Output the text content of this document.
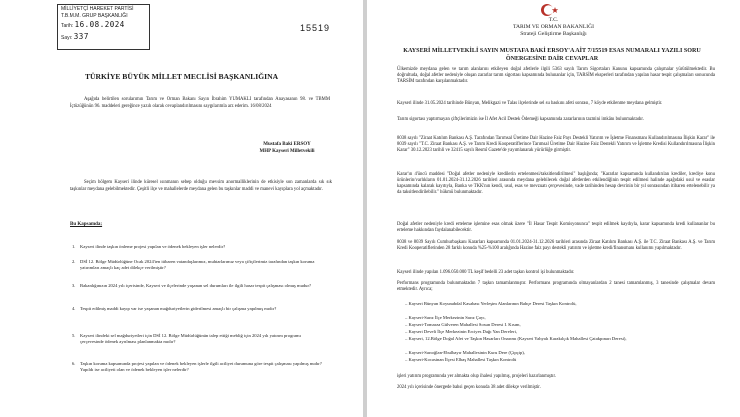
MİLLİYETÇİ HAREKET PARTİSİ
T.B.M.M. GRUP BAŞKANLIĞI
Tarih: 16.08.2024
Sayı: 337
15519
TÜRKİYE BÜYÜK MİLLET MECLİSİ BAŞKANLIĞINA
Aşağıda belirtilen sorularımın Tarım ve Orman Bakanı Sayın İbrahim YUMAKLI tarafından Anayasanın 98. ve TBMM İçtüzüğünün 96. maddeleri gereğince yazılı olarak cevaplandırılmasını saygılarımla arz ederim. 16/08/2024
Mustafa Baki ERSOY
MHP Kayseri Milletvekili
Seçim bölgem Kayseri ilinde küresel ısınmanın sebep olduğu mevsim anormalliklerinin de etkisiyle son zamanlarda sık sık taşkınlar meydana gelebilmektedir. Çeşitli ilçe ve mahallelerde meydana gelen bu taşkınlar maddi ve manevi kayıplara yol açmaktadır.
Bu Kapsamda;
1. Kayseri ilinde taşkın önleme projesi yapılan ve ödenek bekleyen işler nelerdir?
2. DSİ 12. Bölge Müdürlüğüne Ocak 2024'ten itibaren vatandaşlarımız, muhtarlarımız veya çiftçilerimiz tarafından taşkın koruma yatırımları amaçlı kaç adet dilekçe verilmiştir?
3. Bakanlığınızın 2024 yılı içerisinde, Kayseri ve ilçelerinde yaşanan sel durumları ile ilgili hasar tespit çalışması olmuş mudur?
4. Tespit edilmiş maddi kayıp var ise yaşanan mağduriyetlerin giderilmesi amaçlı bir çalışma yapılmış mıdır?
5. Kayseri ilindeki sel mağduriyetleri için DSİ 12. Bölge Müdürlüğünün talep ettiği mebliğ için 2024 yılı yatırım programı çerçevesinde ödenek ayrılması planlanmakta mıdır?
6. Taşkın koruma kapsamında projesi yapılan ve ödenek bekleyen işlerle ilgili aciliyet durumuna göre tespit çalışması yapılmış mıdır? Yapıldı ise aciliyeti olan ve ödenek bekleyen işler nelerdir?
T.C.
TARIM VE ORMAN BAKANLIĞI
Strateji Geliştirme Başkanlığı
KAYSERİ MİLLETVEKİLİ SAYIN MUSTAFA BAKİ ERSOY'A AİT 7/15519 ESAS NUMARALI YAZILI SORU ÖNERGESİNE DAİR CEVAPLAR
Ülkemizde meydana gelen ve tarım alanlarını etkileyen doğal afetlerle ilgili 5363 sayılı Tarım Sigortaları Kanunu kapsamında çalışmalar yürütülmektedir. Bu doğrultuda, doğal afetler nedeniyle oluşan zararlar tarım sigortası kapsamında bulunanlar için, TARSİM eksperleri tarafından yapılan hasar tespit çalışmaları sonucunda TARSİM tarafından karşılanmaktadır.
Kayseri ilinde 31.05.2024 tarihinde Bünyan, Melikgazi ve Talas ilçelerinde sel su baskını afeti sonrası, 7 köyde etkilenme meydana gelmiştir.
Tarım sigortası yaptırmayan çiftçilerimizin ise İl Afet Acil Destek Ödemeği kapsamında zararlarının tazmini imkânı bulunmaktadır.
8038 sayılı "Ziraat Katılım Bankası A.Ş. Tarafından Tarımsal Üretime Dair Hazine Faiz Payı Destekli Yatırım ve İşletme Finansmanı Kullandırılmasına İlişkin Karar" ile 8039 sayılı "T.C. Ziraat Bankası A.Ş. ve Tarım Kredi Kooperatiflerince Tarımsal Üretime Dair Hazine Faiz Destekli Yatırım ve İşletme Kredisi Kullandırılmasına İlişkin Karar" 30.12.2023 tarihli ve 32415 sayılı Resmî Gazete'de yayımlanarak yürürlüğe girmiştir.
Karar'ın 4'üncü maddesi "Doğal afetler nedeniyle kredilerin ertelenmesi/taksitlendirilmesi" başlığında; "Kararlar kapsamında kullandırılan krediler, krediye konu ürünlerin/varlıkların 01.01.2024-31.12.2026 tarihleri arasında meydana gelebilecek doğal afetlerden etkilendiğinin tespit edilmesi halinde aşağıdaki usul ve esaslar kapsamında kalarak kayıtıyla, Banka ve TKK'nın kendi, usul, esas ve mevzuatı çerçevesinde, vade tarihinden hesap devrinin bir yıl sonrasından itibaren ertelenebilir ya da taksitlendirilebilir." hükmü bulunmaktadır.
Doğal afetler nedeniyle kredi erteleme işlemine esas olmak üzere "İl Hasar Tespit Komisyonunca" tespit edilmek kaydıyla, karar kapsamında kredi kullananlar bu erteleme hakkından faydalanabilecektir.
8038 ve 8039 Sayılı Cumhurbaşkanı Kararları kapsamında 01.01.2024-31.12.2026 tarihleri arasında Ziraat Katılım Bankası A.Ş. ile T.C. Ziraat Bankası A.Ş. ve Tarım Kredi Kooperatiflerinden 28 farklı konuda %25-%100 aralığında Hazine faiz payı destekli yatırım ve işletme kredi/finansmanı kullanımı yapılmaktadır.
Kayseri ilinde yapılan 1.096.050.000 TL keşif bedelli 23 adet taşkın kontrol işi bulunmaktadır.
Performans programında bulunmaktadın 7 taşkın tamamlanmıştır. Performans programında olmayanlardan 2 tanesi tamamlanmış, 3 tanesinde çalışmalar devam etmektedir. Ayrıca;
– Kayseri Bünyan Koyunabdal Kasabası Yerleşim Alanlarının Bahçe Deresi Taşkın Kontrolü,
– Kayseri-Sarız İlçe Merkezinin Sarız Çayı,
– Kayseri-Tomarza Gülveren Mahallesi Sosun Deresi I. Kısım,
– Kayseri Develi İlçe Merkezinin Erciyes Dağı Yan Dereleri,
– Kayseri, 12.Bölge Doğal Afet ve Taşkın Hasarları Onarımı (Kayseri Yahyalı Karakılçık Mahallesi Çatakpınarı Deresi),
– Kayseri-Sarıoğlan-Ebulbayır Mahallesinin Kuru Dere (Çipçip),
– Kayseri-Kocasinan İlçesi Elbaş Mahallesi Taşkın Kontrolü
işleri yatırım programında yer almakta olup ihalesi yapılmış, projeleri hazırlanmıştır.
2024 yılı içerisinde önergede bahsi geçen konuda 38 adet dilekçe verilmiştir.
